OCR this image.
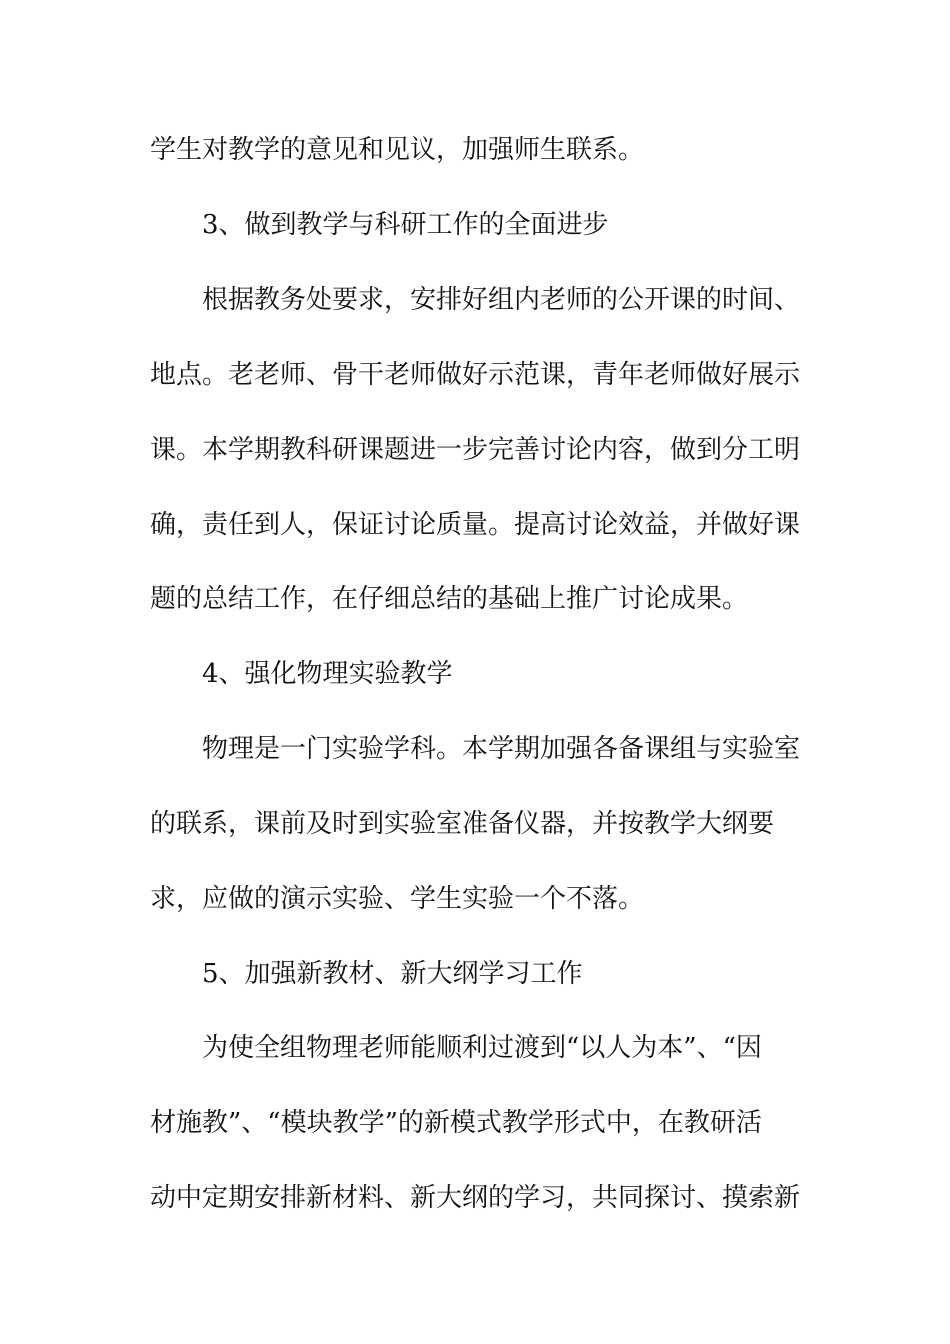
学生对教学的意见和见议，加强师生联系。
3、做到教学与科研工作的全面进步
根据教务处要求，安排好组内老师的公开课的时间、
地点。老老师、骨干老师做好示范课，青年老师做好展示
课。本学期教科研课题进一步完善讨论内容，做到分工明
确，责任到人，保证讨论质量。提高讨论效益，并做好课
题的总结工作，在仔细总结的基础上推广讨论成果。
4、强化物理实验教学
物理是一门实验学科。本学期加强各备课组与实验室
的联系，课前及时到实验室准备仪器，并按教学大纲要
求，应做的演示实验、学生实验一个不落。
5、加强新教材、新大纲学习工作
为使全组物理老师能顺利过渡到“以人为本”、“因
材施教”、“模块教学”的新模式教学形式中，在教研活
动中定期安排新材料、新大纲的学习，共同探讨、摸索新
